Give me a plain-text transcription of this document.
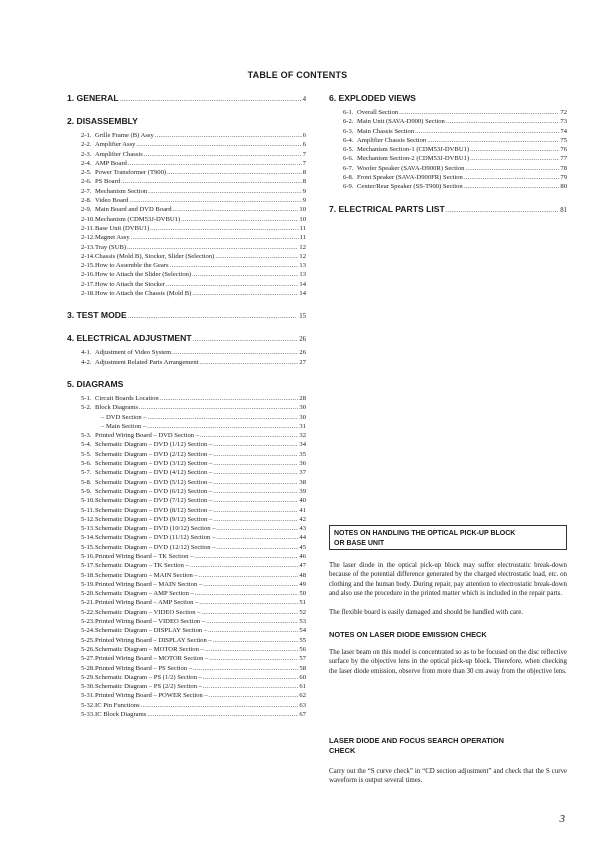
TABLE OF CONTENTS
1. GENERAL .....	4
2. DISASSEMBLY
2-1. Grille Frame (B) Assy .....	6
2-2. Amplifier Assy .....	6
2-3. Amplifier Chassis .....	7
2-4. AMP Board .....	7
2-5. Power Transformer (T900) .....	8
2-6. PS Board .....	8
2-7. Mechanism Section .....	9
2-8. Video Board .....	9
2-9. Main Board and DVD Board .....	10
2-10. Mechanism (CDM53J-DVBU1) .....	10
2-11. Base Unit (DVBU1) .....	11
2-12. Magnet Assy .....	11
2-13. Tray (SUB) .....	12
2-14. Chassis (Mold B), Stocker, Slider (Selection) .....	12
2-15. How to Assemble the Gears .....	13
2-16. How to Attach the Slider (Selection) .....	13
2-17. How to Attach the Stocker .....	14
2-18. How to Attach the Chassis (Mold B) .....	14
3. TEST MODE .....	15
4. ELECTRICAL ADJUSTMENT .....	26
4-1. Adjustment of Video System .....	26
4-2. Adjustment Related Parts Arrangement .....	27
5. DIAGRAMS
5-1. Circuit Boards Location .....	28
5-2. Block Diagrams .....	30
– DVD Section – .....	30
– Main Section – .....	31
5-3. Printed Wiring Board – DVD Section – .....	32
5-4. Schematic Diagram – DVD (1/12) Section – .....	34
5-5. Schematic Diagram – DVD (2/12) Section – .....	35
5-6. Schematic Diagram – DVD (3/12) Section – .....	36
5-7. Schematic Diagram – DVD (4/12) Section – .....	37
5-8. Schematic Diagram – DVD (5/12) Section – .....	38
5-9. Schematic Diagram – DVD (6/12) Section – .....	39
5-10. Schematic Diagram – DVD (7/12) Section – .....	40
5-11. Schematic Diagram – DVD (8/12) Section – .....	41
5-12. Schematic Diagram – DVD (9/12) Section – .....	42
5-13. Schematic Diagram – DVD (10/12) Section – .....	43
5-14. Schematic Diagram – DVD (11/12) Section – .....	44
5-15. Schematic Diagram – DVD (12/12) Section – .....	45
5-16. Printed Wiring Board – TK Section – .....	46
5-17. Schematic Diagram – TK Section – .....	47
5-18. Schematic Diagram – MAIN Section – .....	48
5-19. Printed Wiring Board – MAIN Section – .....	49
5-20. Schematic Diagram – AMP Section – .....	50
5-21. Printed Wiring Board – AMP Section – .....	51
5-22. Schematic Diagram – VIDEO Section – .....	52
5-23. Printed Wiring Board – VIDEO Section – .....	53
5-24. Schematic Diagram – DISPLAY Section – .....	54
5-25. Printed Wiring Board – DISPLAY Section – .....	55
5-26. Schematic Diagram – MOTOR Section – .....	56
5-27. Printed Wiring Board – MOTOR Section – .....	57
5-28. Printed Wiring Board – PS Section – .....	58
5-29. Schematic Diagram – PS (1/2) Section – .....	60
5-30. Schematic Diagram – PS (2/2) Section – .....	61
5-31. Printed Wiring Board – POWER Section – .....	62
5-32. IC Pin Functions .....	63
5-33. IC Block Diagrams .....	67
6. EXPLODED VIEWS
6-1. Overall Section .....	72
6-2. Main Unit (SAVA-D900) Section .....	73
6-3. Main Chassis Section .....	74
6-4. Amplifier Chassis Section .....	75
6-5. Mechanism Section-1 (CDM53J-DVBU1) .....	76
6-6. Mechanism Section-2 (CDM53J-DVBU1) .....	77
6-7. Woofer Speaker (SAVA-D900R) Section .....	78
6-8. Front Speaker (SAVA-D900FR) Section .....	79
6-9. Center/Rear Speaker (SS-T900) Section .....	80
7. ELECTRICAL PARTS LIST .....	81
NOTES ON HANDLING THE OPTICAL PICK-UP BLOCK
OR BASE UNIT
The laser diode in the optical pick-up block may suffer electrostatic break-down because of the potential difference generated by the charged electrostatic load, etc. on clothing and the human body. During repair, pay attention to electrostatic break-down and also use the procedure in the printed matter which is included in the repair parts.
The flexible board is easily damaged and should be handled with care.
NOTES ON LASER DIODE EMISSION CHECK
The laser beam on this model is concentrated so as to be focused on the disc reflective surface by the objective lens in the optical pick-up block. Therefore, when checking the laser diode emission, observe from more than 30 cm away from the objective lens.
LASER DIODE AND FOCUS SEARCH OPERATION
CHECK
Carry out the “S curve check” in “CD section adjustment” and check that the S curve waveform is output several times.
3
